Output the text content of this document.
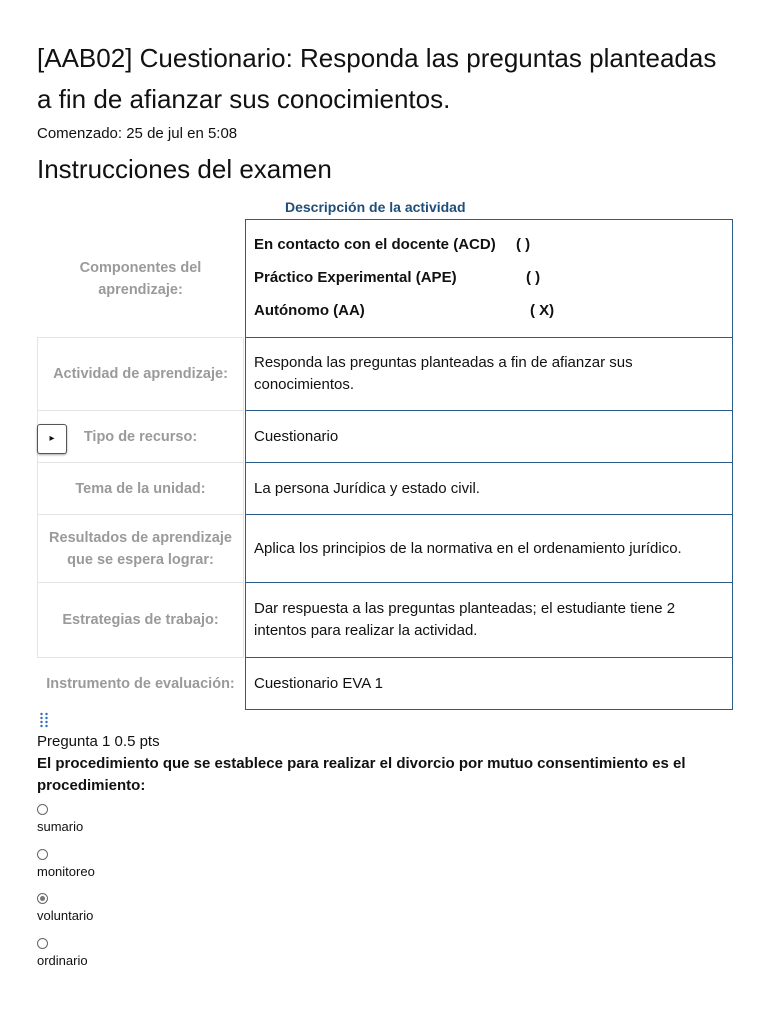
[AAB02] Cuestionario: Responda las preguntas planteadas a fin de afianzar sus conocimientos.
Comenzado: 25 de jul en 5:08
Instrucciones del examen
Descripción de la actividad
Componentes del aprendizaje:
En contacto con el docente (ACD) ( )
Práctico Experimental (APE)	( )
Autónomo (AA)	( X)
Actividad de aprendizaje:
Responda las preguntas planteadas a fin de afianzar sus conocimientos.
Tipo de recurso:
▸	Cuestionario
Tema de la unidad:	La persona Jurídica y estado civil.
Resultados de aprendizaje que se espera lograr:
Aplica los principios de la normativa en el ordenamiento jurídico.
Estrategias de trabajo:
Dar respuesta a las preguntas planteadas; el estudiante tiene 2 intentos para realizar la actividad.
Instrumento de evaluación:	Cuestionario EVA 1
Pregunta 1 0.5 pts
El procedimiento que se establece para realizar el divorcio por mutuo consentimiento es el procedimiento:
sumario
monitoreo
voluntario
ordinario
